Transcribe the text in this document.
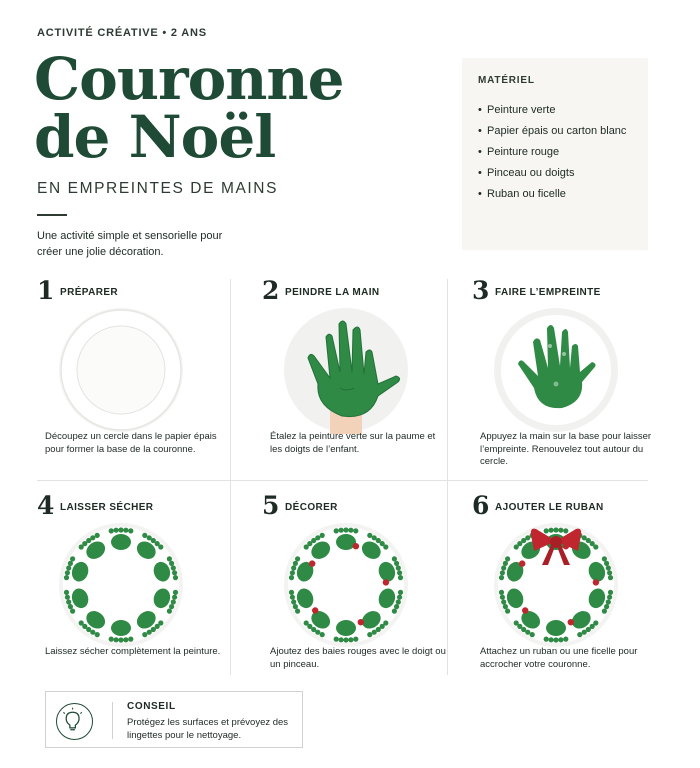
ACTIVITÉ CRÉATIVE • 2 ANS
Couronne
de Noël
EN EMPREINTES DE MAINS
Une activité simple et sensorielle pour créer une jolie décoration.
MATÉRIEL
• Peinture verte
• Papier épais ou carton blanc
• Peinture rouge
• Pinceau ou doigts
• Ruban ou ficelle
1 PRÉPARER
Découpez un cercle dans le papier épais pour former la base de la couronne.
2 PEINDRE LA MAIN
Étalez la peinture verte sur la paume et les doigts de l’enfant.
3 FAIRE L’EMPREINTE
Appuyez la main sur la base pour laisser l’empreinte. Renouvelez tout autour du cercle.
4 LAISSER SÉCHER
Laissez sécher complètement la peinture.
5 DÉCORER
Ajoutez des baies rouges avec le doigt ou un pinceau.
6 AJOUTER LE RUBAN
Attachez un ruban ou une ficelle pour accrocher votre couronne.
CONSEIL
Protégez les surfaces et prévoyez des lingettes pour le nettoyage.
